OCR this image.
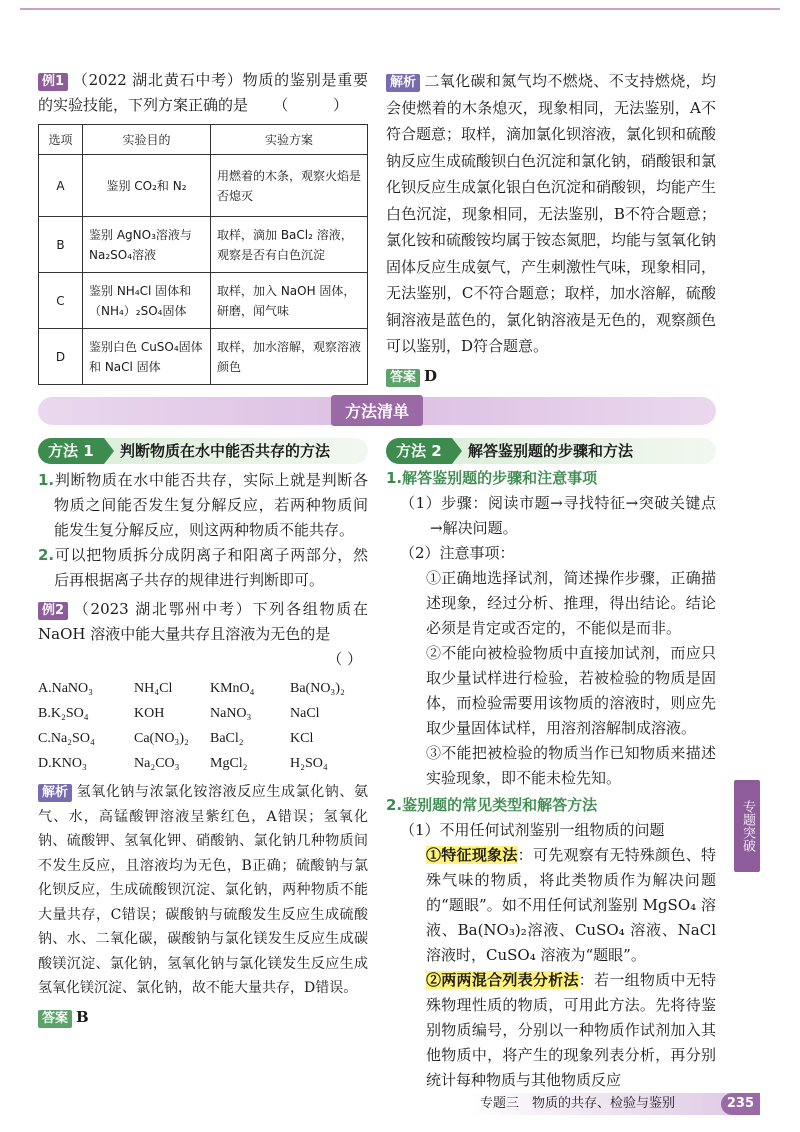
例1 （2022 湖北黄石中考）物质的鉴别是重要的实验技能，下列方案正确的是 （ ）
选项	实验目的	实验方案
A	鉴别 CO₂和 N₂	用燃着的木条，观察火焰是否熄灭
B	鉴别 AgNO₃溶液与 Na₂SO₄溶液	取样，滴加 BaCl₂ 溶液，观察是否有白色沉淀
C	鉴别 NH₄Cl 固体和（NH₄）₂SO₄固体	取样，加入 NaOH 固体，研磨，闻气味
D	鉴别白色 CuSO₄固体和 NaCl 固体	取样，加水溶解，观察溶液颜色
解析 二氧化碳和氮气均不燃烧、不支持燃烧，均会使燃着的木条熄灭，现象相同，无法鉴别，A不符合题意；取样，滴加氯化钡溶液，氯化钡和硫酸钠反应生成硫酸钡白色沉淀和氯化钠，硝酸银和氯化钡反应生成氯化银白色沉淀和硝酸钡，均能产生白色沉淀，现象相同，无法鉴别，B不符合题意；氯化铵和硫酸铵均属于铵态氮肥，均能与氢氧化钠固体反应生成氨气，产生刺激性气味，现象相同，无法鉴别，C不符合题意；取样，加水溶解，硫酸铜溶液是蓝色的，氯化钠溶液是无色的，观察颜色可以鉴别，D符合题意。
答案 D
方法清单
方法 1	判断物质在水中能否共存的方法
1.判断物质在水中能否共存，实际上就是判断各物质之间能否发生复分解反应，若两种物质间能发生复分解反应，则这两种物质不能共存。
2.可以把物质拆分成阴离子和阳离子两部分，然后再根据离子共存的规律进行判断即可。
例2 （2023 湖北鄂州中考）下列各组物质在 NaOH 溶液中能大量共存且溶液为无色的是
（ ）
A.NaNO₃	NH₄Cl	KMnO₄	Ba(NO₃)₂
B.K₂SO₄	KOH	NaNO₃	NaCl
C.Na₂SO₄	Ca(NO₃)₂	BaCl₂	KCl
D.KNO₃	Na₂CO₃	MgCl₂	H₂SO₄
解析 氢氧化钠与浓氯化铵溶液反应生成氯化钠、氨气、水，高锰酸钾溶液呈紫红色，A错误；氢氧化钠、硫酸钾、氢氧化钾、硝酸钠、氯化钠几种物质间不发生反应，且溶液均为无色，B正确；硫酸钠与氯化钡反应，生成硫酸钡沉淀、氯化钠，两种物质不能大量共存，C错误；碳酸钠与硫酸发生反应生成硫酸钠、水、二氧化碳，碳酸钠与氯化镁发生反应生成碳酸镁沉淀、氯化钠，氢氧化钠与氯化镁发生反应生成氢氧化镁沉淀、氯化钠，故不能大量共存，D错误。
答案 B
方法 2	解答鉴别题的步骤和方法
1.解答鉴别题的步骤和注意事项
（1）步骤：阅读市题→寻找特征→突破关键点→解决问题。
（2）注意事项：
①正确地选择试剂，简述操作步骤，正确描述现象，经过分析、推理，得出结论。结论必须是肯定或否定的，不能似是而非。
②不能向被检验物质中直接加试剂，而应只取少量试样进行检验，若被检验的物质是固体，而检验需要用该物质的溶液时，则应先取少量固体试样，用溶剂溶解制成溶液。
③不能把被检验的物质当作已知物质来描述实验现象，即不能未检先知。
2.鉴别题的常见类型和解答方法
（1）不用任何试剂鉴别一组物质的问题
①特征现象法：可先观察有无特殊颜色、特殊气味的物质，将此类物质作为解决问题的“题眼”。如不用任何试剂鉴别 MgSO₄ 溶液、Ba(NO₃)₂溶液、CuSO₄ 溶液、NaCl 溶液时，CuSO₄ 溶液为“题眼”。
②两两混合列表分析法：若一组物质中无特殊物理性质的物质，可用此方法。先将待鉴别物质编号，分别以一种物质作试剂加入其他物质中，将产生的现象列表分析，再分别统计每种物质与其他物质反应
专题突破
专题三　物质的共存、检验与鉴别	235
